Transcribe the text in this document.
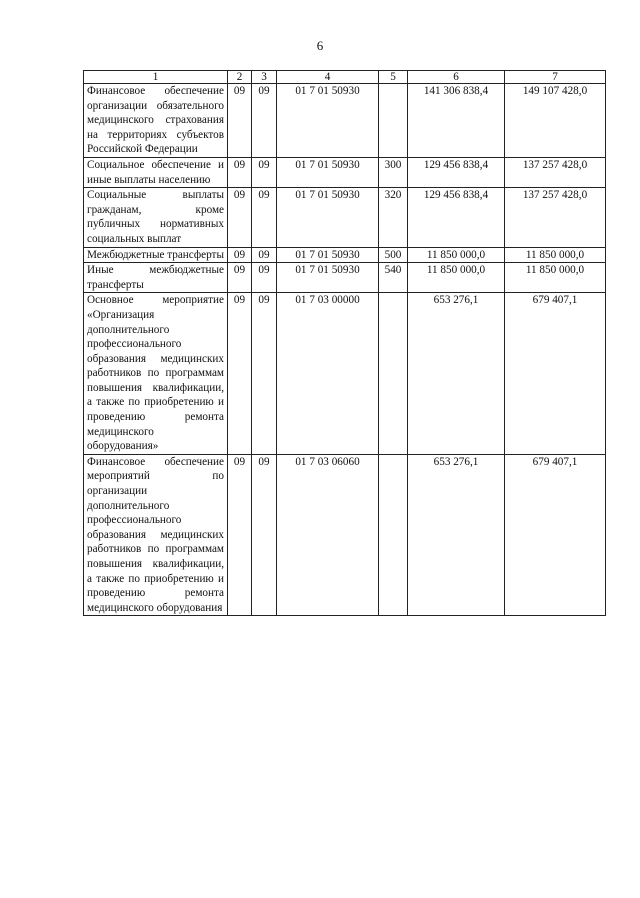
6
1	2	3	4	5	6	7
Финансовое обеспечение организации обязательного медицинского страхования на территориях субъектов Российской Федерации	09	09	01 7 01 50930		141 306 838,4	149 107 428,0
Социальное обеспечение и иные выплаты населению	09	09	01 7 01 50930	300	129 456 838,4	137 257 428,0
Социальные выплаты гражданам, кроме публичных нормативных социальных выплат	09	09	01 7 01 50930	320	129 456 838,4	137 257 428,0
Межбюджетные трансферты	09	09	01 7 01 50930	500	11 850 000,0	11 850 000,0
Иные межбюджетные трансферты	09	09	01 7 01 50930	540	11 850 000,0	11 850 000,0
Основное мероприятие «Организация дополнительного профессионального образования медицинских работников по программам повышения квалификации, а также по приобретению и проведению ремонта медицинского оборудования»	09	09	01 7 03 00000		653 276,1	679 407,1
Финансовое обеспечение мероприятий по организации дополнительного профессионального образования медицинских работников по программам повышения квалификации, а также по приобретению и проведению ремонта медицинского оборудования	09	09	01 7 03 06060		653 276,1	679 407,1
